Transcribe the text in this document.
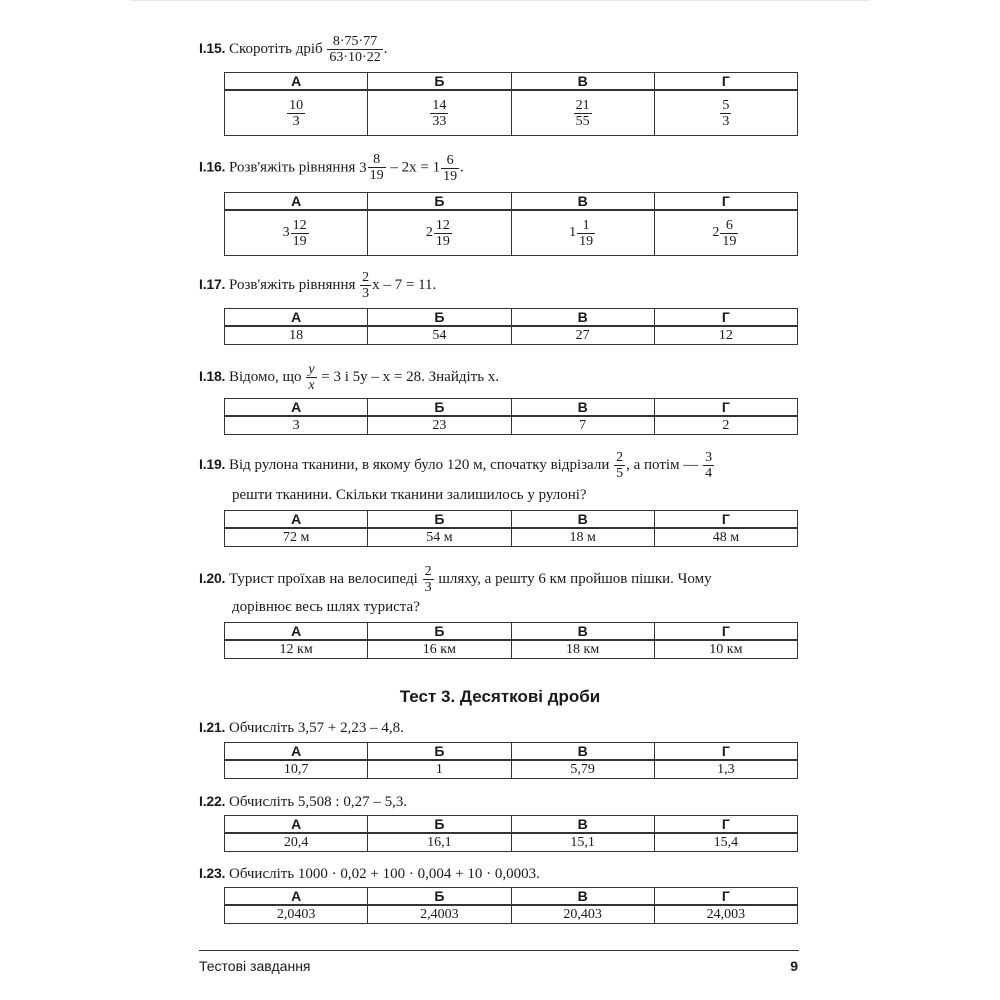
І.15. Скоротіть дріб $\frac{8\cdot 75\cdot 77}{63\cdot 10\cdot 22}$ .
А	Б	В	Г

$\frac{10}{3}$	$\frac{14}{33}$	$\frac{21}{55}$	$\frac{5}{3}$
І.16. Розв'яжіть рівняння $3 \frac{8}{19} - 2x = 1 \frac{6}{19}$ .
А	Б	В	Г

$3 \frac{12}{19}$	$2 \frac{12}{19}$	$1 \frac{1}{19}$	$2 \frac{6}{19}$
І.17. Розв'яжіть рівняння $\frac{2}{3}$ x – 7 = 11.
А	Б	В	Г
18	54	27	12
І.18. Відомо, що $\frac{y}{x} = 3$ і 5y – x = 28. Знайдіть x.
А	Б	В	Г
3	23	7	2
І.19. Від рулона тканини, в якому було 120 м, спочатку відрізали $\frac{2}{5}$ , а потім — $\frac{3}{4}$
решти тканини. Скільки тканини залишилось у рулоні?
А	Б	В	Г
72 м	54 м	18 м	48 м
І.20. Турист проїхав на велосипеді $\frac{2}{3}$ шляху, а решту 6 км пройшов пішки. Чому
дорівнює весь шлях туриста?
А	Б	В	Г
12 км	16 км	18 км	10 км
Тест 3. Десяткові дроби
І.21. Обчисліть 3,57 + 2,23 – 4,8.
А	Б	В	Г
10,7	1	5,79	1,3
І.22. Обчисліть 5,508 : 0,27 – 5,3.
А	Б	В	Г
20,4	16,1	15,1	15,4
І.23. Обчисліть 1000 · 0,02 + 100 · 0,004 + 10 · 0,0003.
А	Б	В	Г
2,0403	2,4003	20,403	24,003
Тестові завдання	9
